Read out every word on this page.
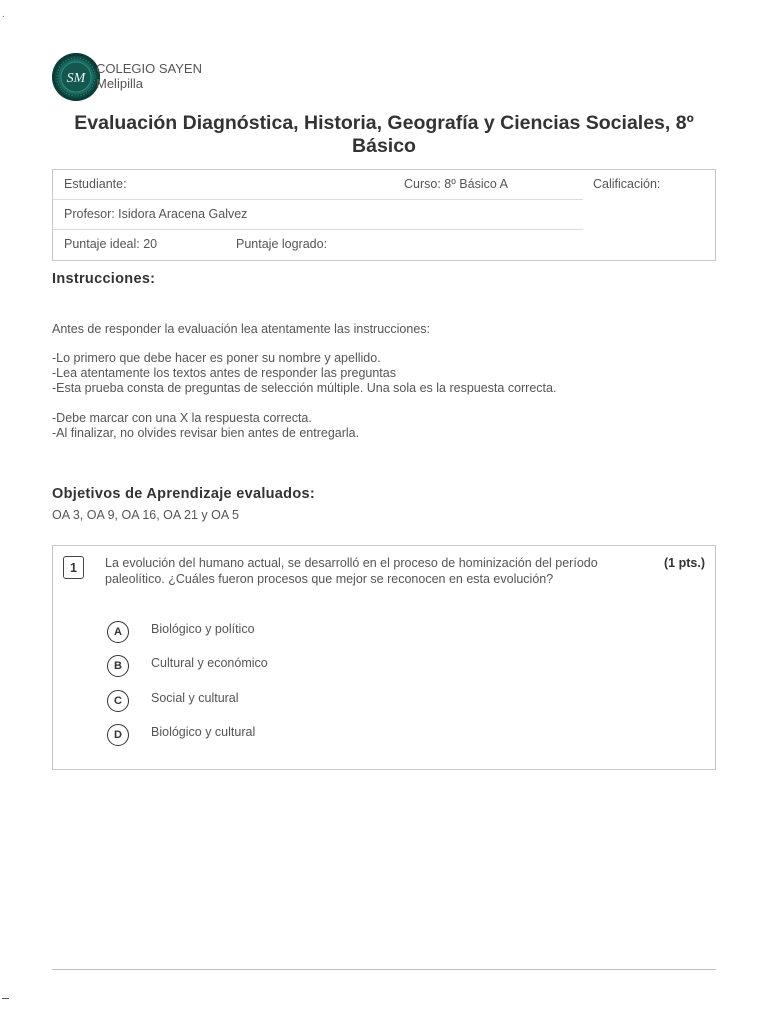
.
SM
COLEGIO SAYEN
Melipilla
Evaluación Diagnóstica, Historia, Geografía y Ciencias Sociales, 8º Básico
Estudiante:	Curso: 8º Básico A	Calificación:
Profesor: Isidora Aracena Galvez
Puntaje ideal: 20	Puntaje logrado:
Instrucciones:
Antes de responder la evaluación lea atentamente las instrucciones:
-Lo primero que debe hacer es poner su nombre y apellido.
-Lea atentamente los textos antes de responder las preguntas
-Esta prueba consta de preguntas de selección múltiple. Una sola es la respuesta correcta.
-Debe marcar con una X la respuesta correcta.
-Al finalizar, no olvides revisar bien antes de entregarla.
Objetivos de Aprendizaje evaluados:
OA 3, OA 9, OA 16, OA 21 y OA 5
1	La evolución del humano actual, se desarrolló en el proceso de hominización del período paleolítico. ¿Cuáles fueron procesos que mejor se reconocen en esta evolución?
(1 pts.)
A	Biológico y político
B	Cultural y económico
C	Social y cultural
D	Biológico y cultural
